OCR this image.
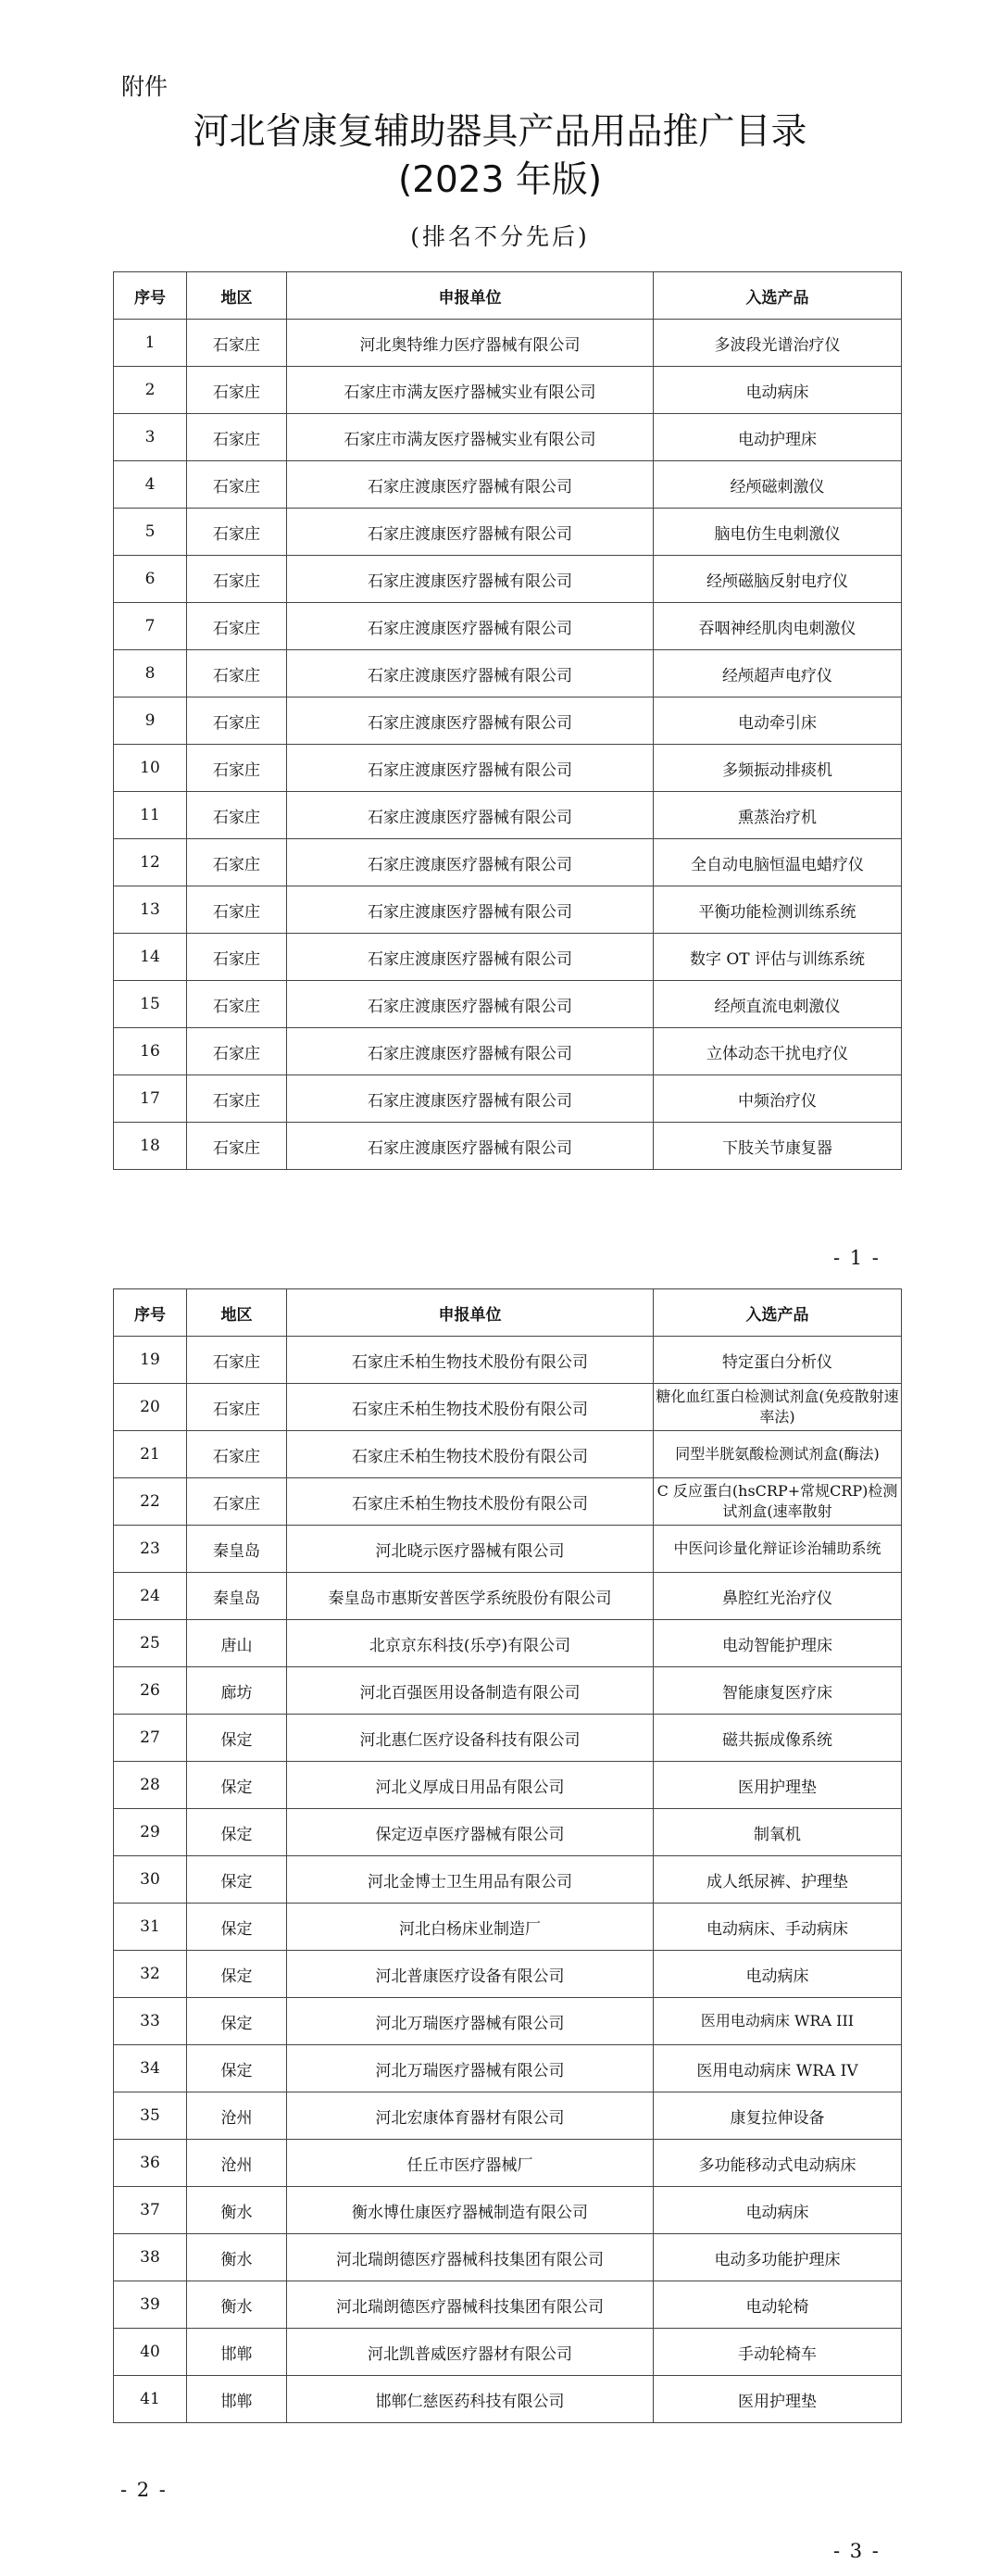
附件
河北省康复辅助器具产品用品推广目录
(2023 年版)
(排名不分先后)
序号	地区	申报单位	入选产品
1	石家庄	河北奥特维力医疗器械有限公司	多波段光谱治疗仪
2	石家庄	石家庄市满友医疗器械实业有限公司	电动病床
3	石家庄	石家庄市满友医疗器械实业有限公司	电动护理床
4	石家庄	石家庄渡康医疗器械有限公司	经颅磁刺激仪
5	石家庄	石家庄渡康医疗器械有限公司	脑电仿生电刺激仪
6	石家庄	石家庄渡康医疗器械有限公司	经颅磁脑反射电疗仪
7	石家庄	石家庄渡康医疗器械有限公司	吞咽神经肌肉电刺激仪
8	石家庄	石家庄渡康医疗器械有限公司	经颅超声电疗仪
9	石家庄	石家庄渡康医疗器械有限公司	电动牵引床
10	石家庄	石家庄渡康医疗器械有限公司	多频振动排痰机
11	石家庄	石家庄渡康医疗器械有限公司	熏蒸治疗机
12	石家庄	石家庄渡康医疗器械有限公司	全自动电脑恒温电蜡疗仪
13	石家庄	石家庄渡康医疗器械有限公司	平衡功能检测训练系统
14	石家庄	石家庄渡康医疗器械有限公司	数字 OT 评估与训练系统
15	石家庄	石家庄渡康医疗器械有限公司	经颅直流电刺激仪
16	石家庄	石家庄渡康医疗器械有限公司	立体动态干扰电疗仪
17	石家庄	石家庄渡康医疗器械有限公司	中频治疗仪
18	石家庄	石家庄渡康医疗器械有限公司	下肢关节康复器
- 1 -
序号	地区	申报单位	入选产品
19	石家庄	石家庄禾柏生物技术股份有限公司	特定蛋白分析仪
20	石家庄	石家庄禾柏生物技术股份有限公司	糖化血红蛋白检测试剂盒(免疫散射速率法)
21	石家庄	石家庄禾柏生物技术股份有限公司	同型半胱氨酸检测试剂盒(酶法)
22	石家庄	石家庄禾柏生物技术股份有限公司	C 反应蛋白(hsCRP+常规CRP)检测试剂盒(速率散射
23	秦皇岛	河北晓示医疗器械有限公司	中医问诊量化辩证诊治辅助系统
24	秦皇岛	秦皇岛市惠斯安普医学系统股份有限公司	鼻腔红光治疗仪
25	唐山	北京京东科技(乐亭)有限公司	电动智能护理床
26	廊坊	河北百强医用设备制造有限公司	智能康复医疗床
27	保定	河北惠仁医疗设备科技有限公司	磁共振成像系统
28	保定	河北义厚成日用品有限公司	医用护理垫
29	保定	保定迈卓医疗器械有限公司	制氧机
30	保定	河北金博士卫生用品有限公司	成人纸尿裤、护理垫
31	保定	河北白杨床业制造厂	电动病床、手动病床
32	保定	河北普康医疗设备有限公司	电动病床
33	保定	河北万瑞医疗器械有限公司	医用电动病床 WRA III
34	保定	河北万瑞医疗器械有限公司	医用电动病床 WRA IV
35	沧州	河北宏康体育器材有限公司	康复拉伸设备
36	沧州	任丘市医疗器械厂	多功能移动式电动病床
37	衡水	衡水博仕康医疗器械制造有限公司	电动病床
38	衡水	河北瑞朗德医疗器械科技集团有限公司	电动多功能护理床
39	衡水	河北瑞朗德医疗器械科技集团有限公司	电动轮椅
40	邯郸	河北凯普威医疗器材有限公司	手动轮椅车
41	邯郸	邯郸仁慈医药科技有限公司	医用护理垫
- 2 -
- 3 -
